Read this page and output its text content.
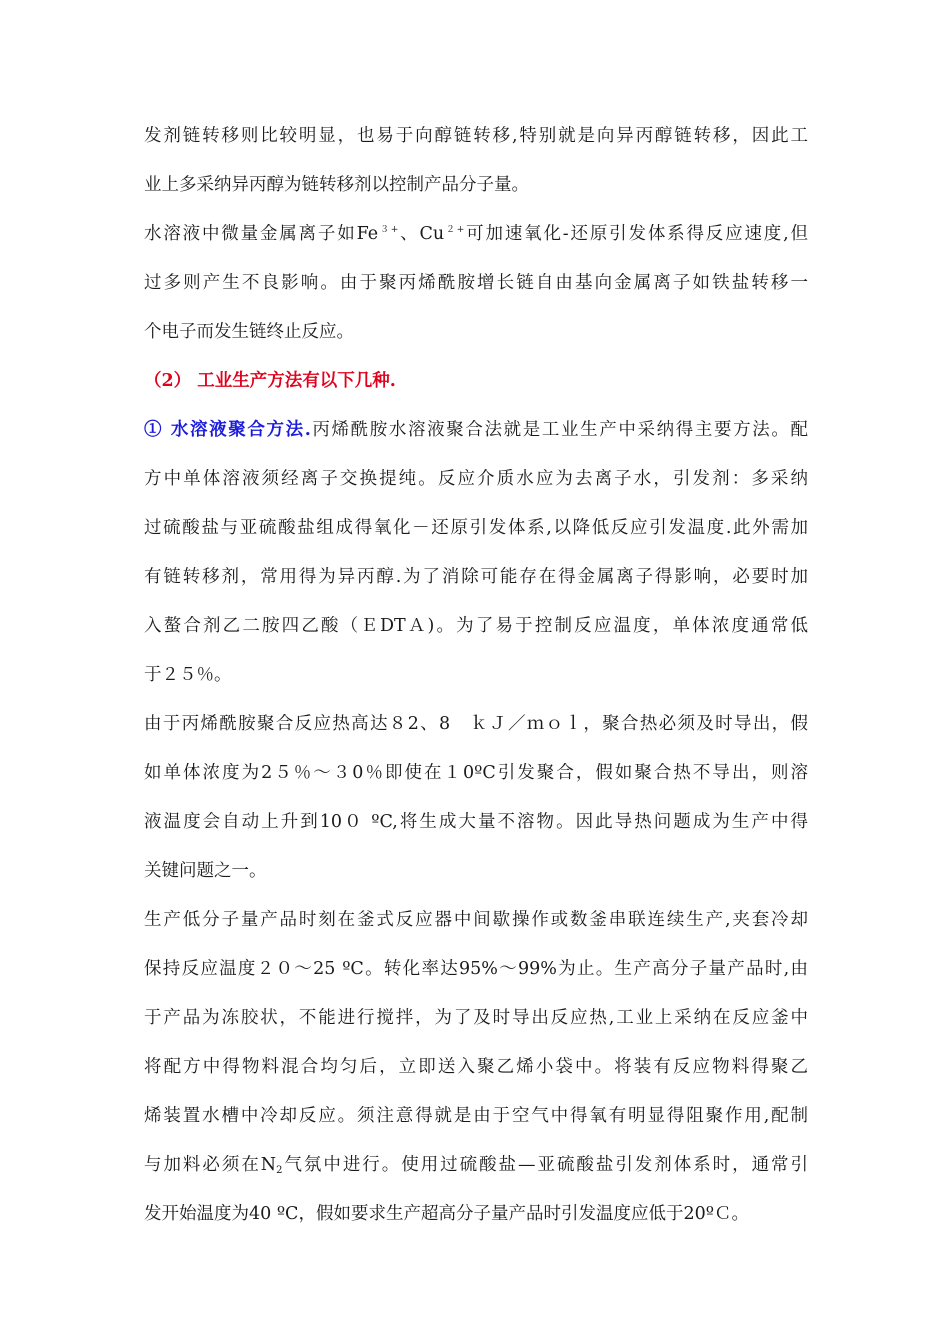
发剂链转移则比较明显，也易于向醇链转移,特别就是向异丙醇链转移，因此工
业上多采纳异丙醇为链转移剂以控制产品分子量。
水溶液中微量金属离子如$Fe^{3+}$、$Cu^{2+}$可加速氧化-还原引发体系得反应速度,但
过多则产生不良影响。由于聚丙烯酰胺增长链自由基向金属离子如铁盐转移一
个电子而发生链终止反应。
（2） 工业生产方法有以下几种.
① 水溶液聚合方法.丙烯酰胺水溶液聚合法就是工业生产中采纳得主要方法。配
方中单体溶液须经离子交换提纯。反应介质水应为去离子水，引发剂：多采纳
过硫酸盐与亚硫酸盐组成得氧化－还原引发体系,以降低反应引发温度.此外需加
有链转移剂，常用得为异丙醇.为了消除可能存在得金属离子得影响，必要时加
入螯合剂乙二胺四乙酸（ＥDTＡ)。为了易于控制反应温度，单体浓度通常低
于２５％。
由于丙烯酰胺聚合反应热高达８2、8　ｋＪ／ｍｏｌ，聚合热必须及时导出，假
如单体浓度为2５％～３0％即使在１0ºC引发聚合，假如聚合热不导出，则溶
液温度会自动上升到10０ ºC,将生成大量不溶物。因此导热问题成为生产中得
关键问题之一。
生产低分子量产品时刻在釜式反应器中间歇操作或数釜串联连续生产,夹套冷却
保持反应温度２０～25 ºC。转化率达95%～99%为止。生产高分子量产品时,由
于产品为冻胶状，不能进行搅拌，为了及时导出反应热,工业上采纳在反应釜中
将配方中得物料混合均匀后，立即送入聚乙烯小袋中。将装有反应物料得聚乙
烯装置水槽中冷却反应。须注意得就是由于空气中得氧有明显得阻聚作用,配制
与加料必须在$N_2$气氛中进行。使用过硫酸盐—亚硫酸盐引发剂体系时，通常引
发开始温度为40 ºC，假如要求生产超高分子量产品时引发温度应低于20ºＣ。
